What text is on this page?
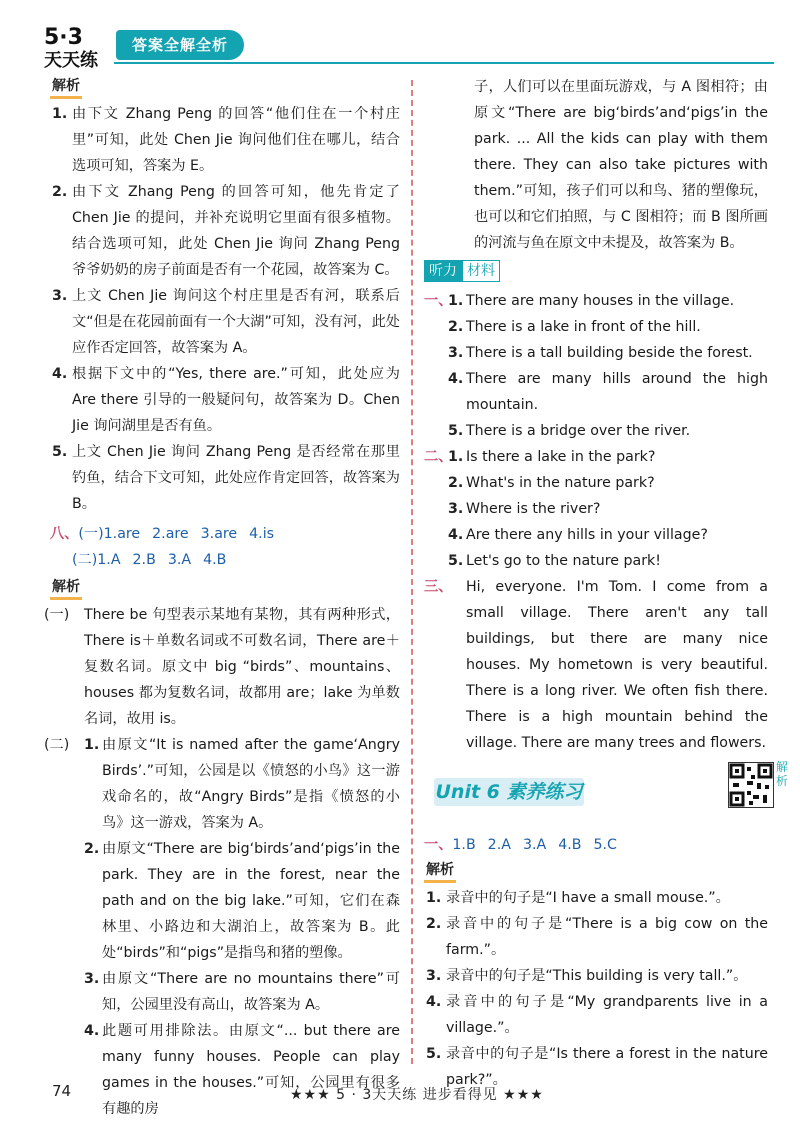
5·3
天天练
答案全解全析
解析
1. 由下文 Zhang Peng 的回答“他们住在一个村庄里”可知，此处 Chen Jie 询问他们住在哪儿，结合选项可知，答案为 E。
2. 由下文 Zhang Peng 的回答可知，他先肯定了 Chen Jie 的提问，并补充说明它里面有很多植物。结合选项可知，此处 Chen Jie 询问 Zhang Peng 爷爷奶奶的房子前面是否有一个花园，故答案为 C。
3. 上文 Chen Jie 询问这个村庄里是否有河，联系后文“但是在花园前面有一个大湖”可知，没有河，此处应作否定回答，故答案为 A。
4. 根据下文中的“Yes, there are.”可知，此处应为 Are there 引导的一般疑问句，故答案为 D。Chen Jie 询问湖里是否有鱼。
5. 上文 Chen Jie 询问 Zhang Peng 是否经常在那里钓鱼，结合下文可知，此处应作肯定回答，故答案为 B。
八、(一)1.are 2.are 3.are 4.is
(二)1.A 2.B 3.A 4.B
解析
(一)	There be 句型表示某地有某物，其有两种形式，There is＋单数名词或不可数名词，There are＋复数名词。原文中 big “birds”、mountains、houses 都为复数名词，故都用 are；lake 为单数名词，故用 is。
(二) 1. 由原文“It is named after the game‘Angry Birds’.”可知，公园是以《愤怒的小鸟》这一游戏命名的，故“Angry Birds”是指《愤怒的小鸟》这一游戏，答案为 A。
2. 由原文“There are big‘birds’and‘pigs’in the park. They are in the forest, near the path and on the big lake.”可知，它们在森林里、小路边和大湖泊上，故答案为 B。此处“birds”和“pigs”是指鸟和猪的塑像。
3. 由原文“There are no mountains there”可知，公园里没有高山，故答案为 A。
4. 此题可用排除法。由原文“... but there are many funny houses. People can play games in the houses.”可知，公园里有很多有趣的房
子，人们可以在里面玩游戏，与 A 图相符；由原文“There are big‘birds’and‘pigs’in the park. ... All the kids can play with them there. They can also take pictures with them.”可知，孩子们可以和鸟、猪的塑像玩，也可以和它们拍照，与 C 图相符；而 B 图所画的河流与鱼在原文中未提及，故答案为 B。
听力 材料
一、
1. There are many houses in the village.
2. There is a lake in front of the hill.
3. There is a tall building beside the forest.
4. There are many hills around the high mountain.
5. There is a bridge over the river.
二、
1. Is there a lake in the park?
2. What's in the nature park?
3. Where is the river?
4. Are there any hills in your village?
5. Let's go to the nature park!
三、 Hi, everyone. I'm Tom. I come from a small village. There aren't any tall buildings, but there are many nice houses. My hometown is very beautiful. There is a long river. We often fish there. There is a high mountain behind the village. There are many trees and flowers.
Unit 6 素养练习
解析
一、1.B 2.A 3.A 4.B 5.C
解析
1. 录音中的句子是“I have a small mouse.”。
2. 录音中的句子是“There is a big cow on the farm.”。
3. 录音中的句子是“This building is very tall.”。
4. 录音中的句子是“My grandparents live in a village.”。
5. 录音中的句子是“Is there a forest in the nature park?”。
74	★★★ 5 · 3天天练 进步看得见 ★★★
